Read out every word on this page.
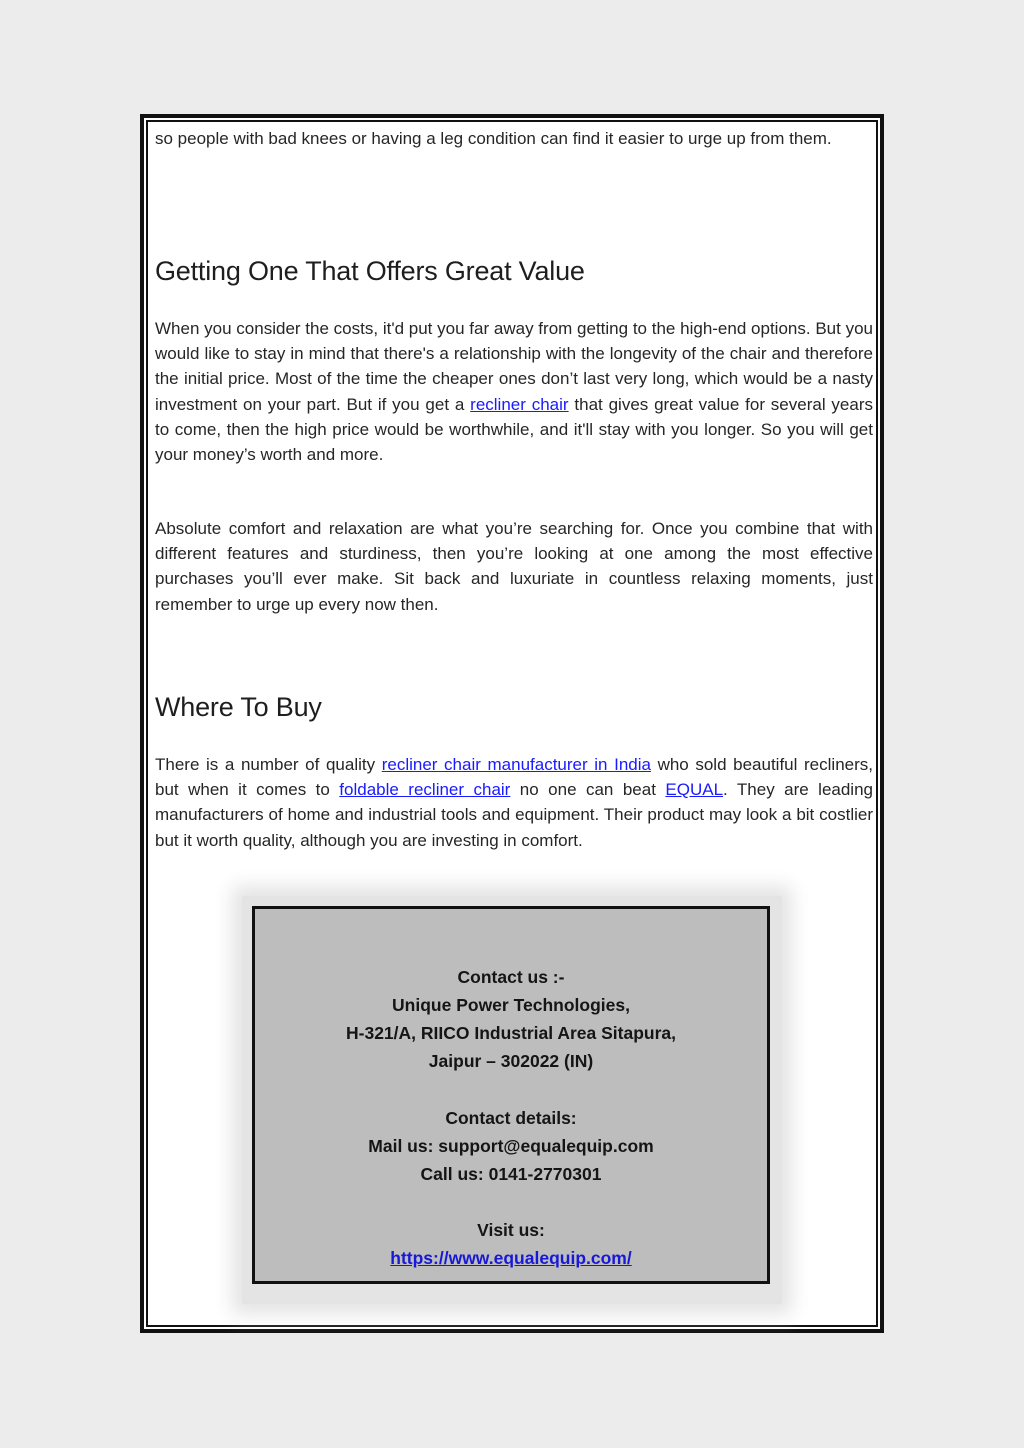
so people with bad knees or having a leg condition can find it easier to urge up from them.

Getting One That Offers Great Value

When you consider the costs, it'd put you far away from getting to the high-end options. But you would like to stay in mind that there's a relationship with the longevity of the chair and therefore the initial price. Most of the time the cheaper ones don’t last very long, which would be a nasty investment on your part. But if you get a recliner chair that gives great value for several years to come, then the high price would be worthwhile, and it'll stay with you longer. So you will get your money’s worth and more.

Absolute comfort and relaxation are what you’re searching for. Once you combine that with different features and sturdiness, then you’re looking at one among the most effective purchases you’ll ever make. Sit back and luxuriate in countless relaxing moments, just remember to urge up every now then.

Where To Buy

There is a number of quality recliner chair manufacturer in India who sold beautiful recliners, but when it comes to foldable recliner chair no one can beat EQUAL. They are leading manufacturers of home and industrial tools and equipment. Their product may look a bit costlier but it worth quality, although you are investing in comfort.

Contact us :-
Unique Power Technologies,
H-321/A, RIICO Industrial Area Sitapura,
Jaipur – 302022 (IN)
Contact details:
Mail us: support@equalequip.com
Call us: 0141-2770301
Visit us:
https://www.equalequip.com/
